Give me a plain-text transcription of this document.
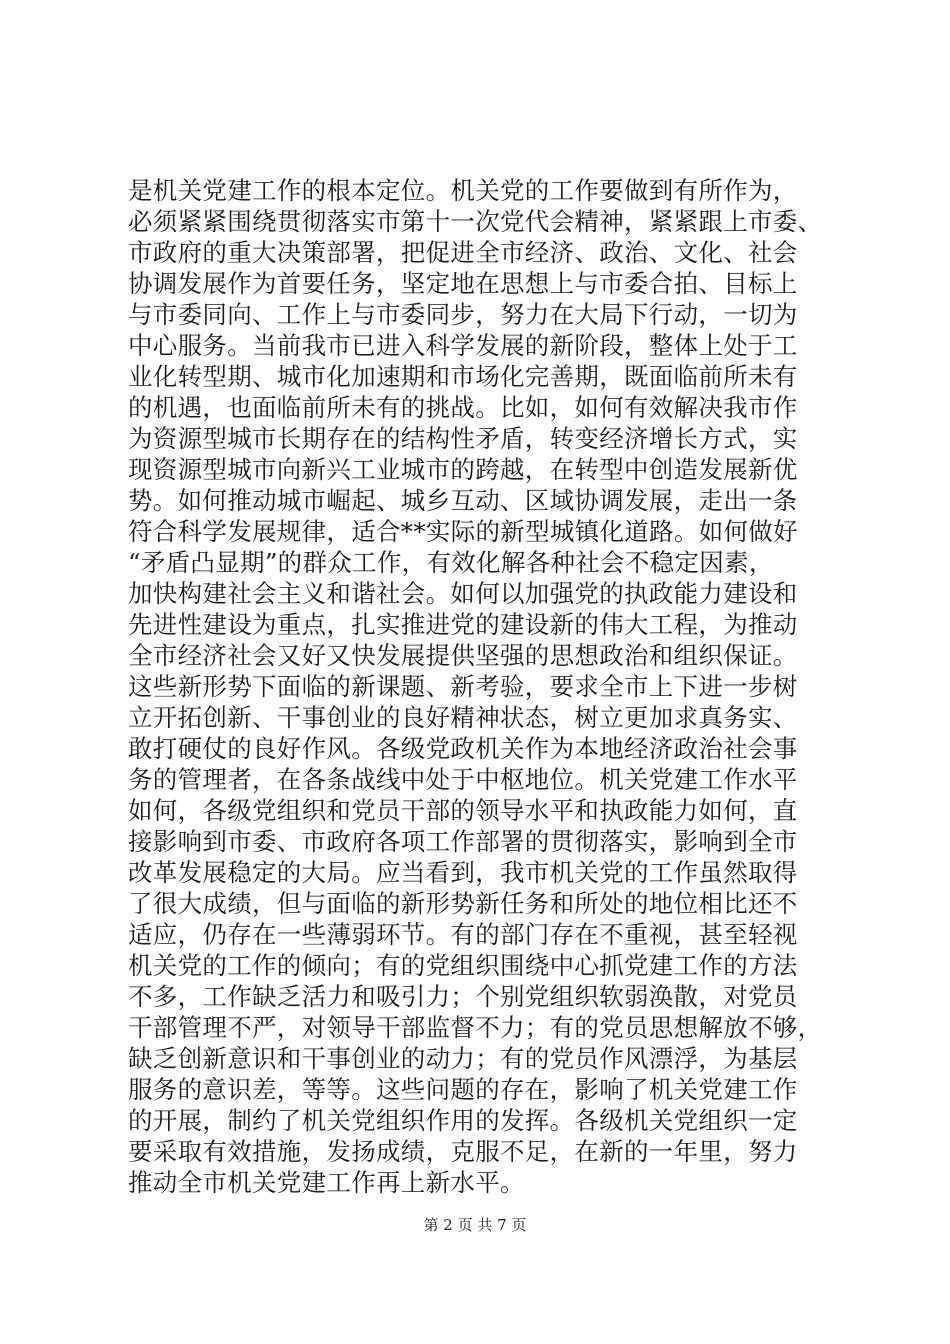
是机关党建工作的根本定位。机关党的工作要做到有所作为，
必须紧紧围绕贯彻落实市第十一次党代会精神，紧紧跟上市委、
市政府的重大决策部署，把促进全市经济、政治、文化、社会
协调发展作为首要任务，坚定地在思想上与市委合拍、目标上
与市委同向、工作上与市委同步，努力在大局下行动，一切为
中心服务。当前我市已进入科学发展的新阶段，整体上处于工
业化转型期、城市化加速期和市场化完善期，既面临前所未有
的机遇，也面临前所未有的挑战。比如，如何有效解决我市作
为资源型城市长期存在的结构性矛盾，转变经济增长方式，实
现资源型城市向新兴工业城市的跨越，在转型中创造发展新优
势。如何推动城市崛起、城乡互动、区域协调发展，走出一条
符合科学发展规律，适合**实际的新型城镇化道路。如何做好
“矛盾凸显期”的群众工作，有效化解各种社会不稳定因素，
加快构建社会主义和谐社会。如何以加强党的执政能力建设和
先进性建设为重点，扎实推进党的建设新的伟大工程，为推动
全市经济社会又好又快发展提供坚强的思想政治和组织保证。
这些新形势下面临的新课题、新考验，要求全市上下进一步树
立开拓创新、干事创业的良好精神状态，树立更加求真务实、
敢打硬仗的良好作风。各级党政机关作为本地经济政治社会事
务的管理者，在各条战线中处于中枢地位。机关党建工作水平
如何，各级党组织和党员干部的领导水平和执政能力如何，直
接影响到市委、市政府各项工作部署的贯彻落实，影响到全市
改革发展稳定的大局。应当看到，我市机关党的工作虽然取得
了很大成绩，但与面临的新形势新任务和所处的地位相比还不
适应，仍存在一些薄弱环节。有的部门存在不重视，甚至轻视
机关党的工作的倾向；有的党组织围绕中心抓党建工作的方法
不多，工作缺乏活力和吸引力；个别党组织软弱涣散，对党员
干部管理不严，对领导干部监督不力；有的党员思想解放不够，
缺乏创新意识和干事创业的动力；有的党员作风漂浮，为基层
服务的意识差，等等。这些问题的存在，影响了机关党建工作
的开展，制约了机关党组织作用的发挥。各级机关党组织一定
要采取有效措施，发扬成绩，克服不足，在新的一年里，努力
推动全市机关党建工作再上新水平。
第 2 页 共 7 页
